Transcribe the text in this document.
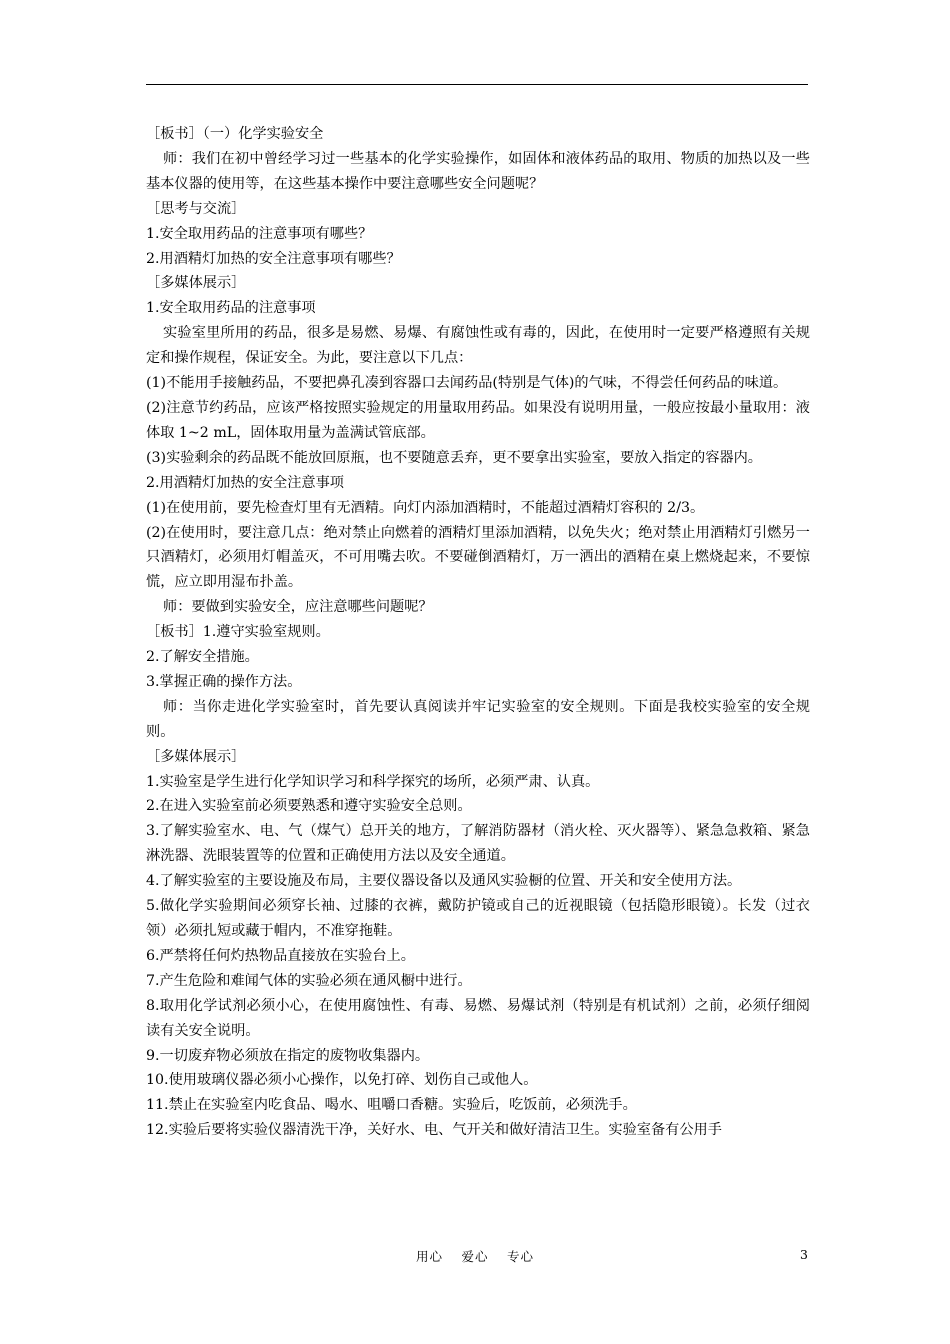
［板书］（一）化学实验安全

师：我们在初中曾经学习过一些基本的化学实验操作，如固体和液体药品的取用、物质的加热以及一些基本仪器的使用等，在这些基本操作中要注意哪些安全问题呢？

［思考与交流］

1.安全取用药品的注意事项有哪些？

2.用酒精灯加热的安全注意事项有哪些？

［多媒体展示］

1.安全取用药品的注意事项

实验室里所用的药品，很多是易燃、易爆、有腐蚀性或有毒的，因此，在使用时一定要严格遵照有关规定和操作规程，保证安全。为此，要注意以下几点：

(1)不能用手接触药品，不要把鼻孔凑到容器口去闻药品(特别是气体)的气味，不得尝任何药品的味道。

(2)注意节约药品，应该严格按照实验规定的用量取用药品。如果没有说明用量，一般应按最小量取用：液体取 1~2 mL，固体取用量为盖满试管底部。

(3)实验剩余的药品既不能放回原瓶，也不要随意丢弃，更不要拿出实验室，要放入指定的容器内。

2.用酒精灯加热的安全注意事项

(1)在使用前，要先检查灯里有无酒精。向灯内添加酒精时，不能超过酒精灯容积的 2/3。

(2)在使用时，要注意几点：绝对禁止向燃着的酒精灯里添加酒精，以免失火；绝对禁止用酒精灯引燃另一只酒精灯，必须用灯帽盖灭，不可用嘴去吹。不要碰倒酒精灯，万一洒出的酒精在桌上燃烧起来，不要惊慌，应立即用湿布扑盖。

师：要做到实验安全，应注意哪些问题呢？

［板书］1.遵守实验室规则。

2.了解安全措施。

3.掌握正确的操作方法。

师：当你走进化学实验室时，首先要认真阅读并牢记实验室的安全规则。下面是我校实验室的安全规则。

［多媒体展示］

1.实验室是学生进行化学知识学习和科学探究的场所，必须严肃、认真。

2.在进入实验室前必须要熟悉和遵守实验安全总则。

3.了解实验室水、电、气（煤气）总开关的地方，了解消防器材（消火栓、灭火器等）、紧急急救箱、紧急淋洗器、洗眼装置等的位置和正确使用方法以及安全通道。

4.了解实验室的主要设施及布局，主要仪器设备以及通风实验橱的位置、开关和安全使用方法。

5.做化学实验期间必须穿长袖、过膝的衣裤，戴防护镜或自己的近视眼镜（包括隐形眼镜）。长发（过衣领）必须扎短或藏于帽内，不准穿拖鞋。

6.严禁将任何灼热物品直接放在实验台上。

7.产生危险和难闻气体的实验必须在通风橱中进行。

8.取用化学试剂必须小心，在使用腐蚀性、有毒、易燃、易爆试剂（特别是有机试剂）之前，必须仔细阅读有关安全说明。

9.一切废弃物必须放在指定的废物收集器内。

10.使用玻璃仪器必须小心操作，以免打碎、划伤自己或他人。

11.禁止在实验室内吃食品、喝水、咀嚼口香糖。实验后，吃饭前，必须洗手。

12.实验后要将实验仪器清洗干净，关好水、电、气开关和做好清洁卫生。实验室备有公用手

用心　 爱心　 专心	3
